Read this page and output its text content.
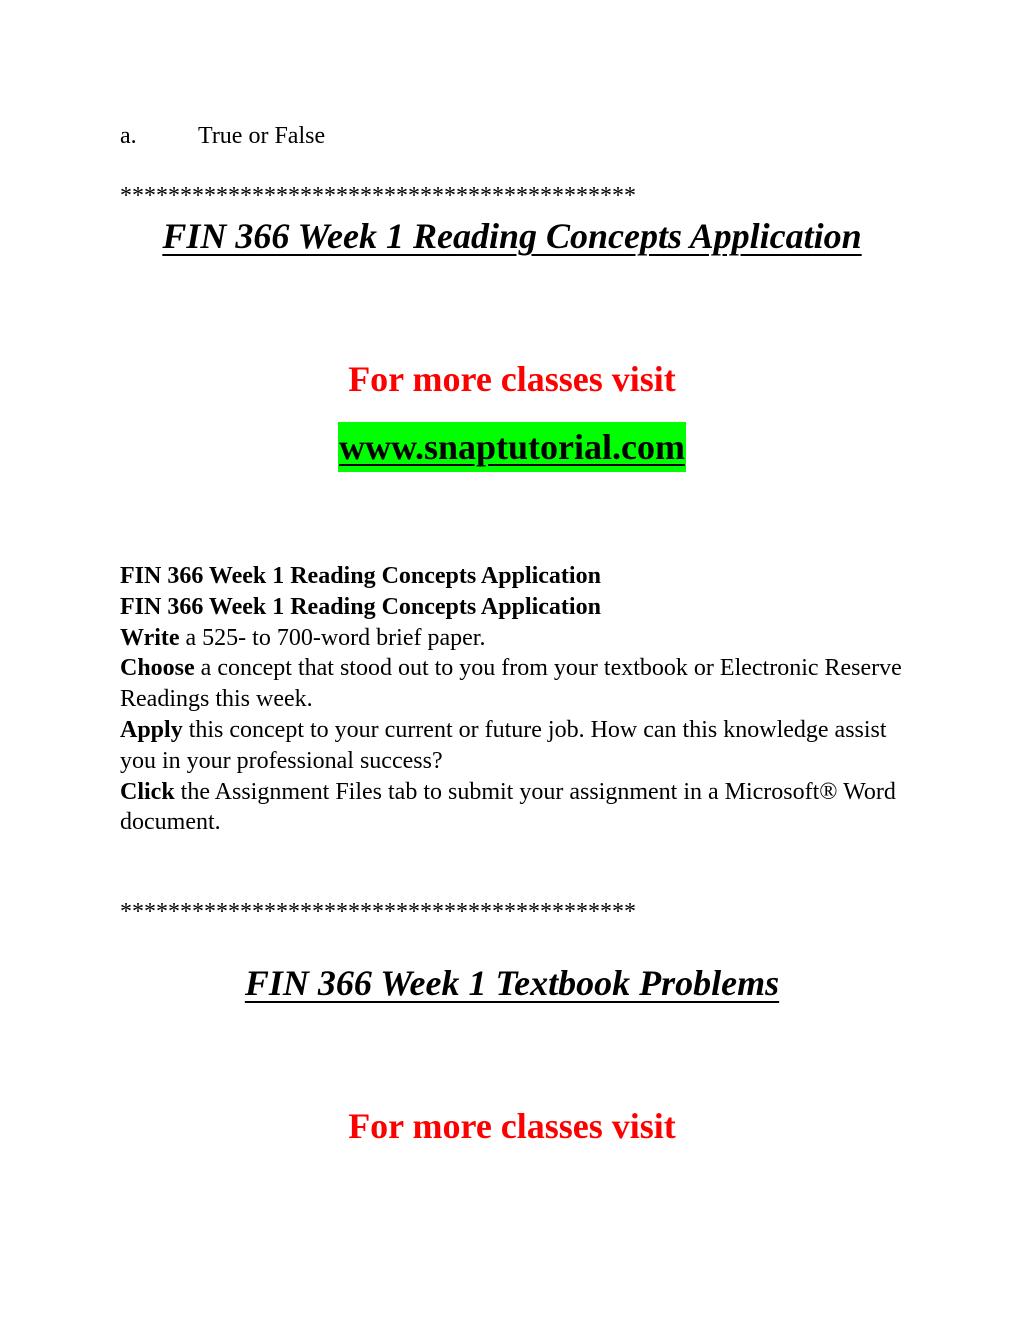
a.	True or False
*******************************************
FIN 366 Week 1 Reading Concepts Application
For more classes visit
www.snaptutorial.com

FIN 366 Week 1 Reading Concepts Application

FIN 366 Week 1 Reading Concepts Application

Write a 525- to 700-word brief paper.

Choose a concept that stood out to you from your textbook or Electronic Reserve Readings this week.

Apply this concept to your current or future job. How can this knowledge assist you in your professional success?

Click the Assignment Files tab to submit your assignment in a Microsoft® Word document.

*******************************************
FIN 366 Week 1 Textbook Problems
For more classes visit
